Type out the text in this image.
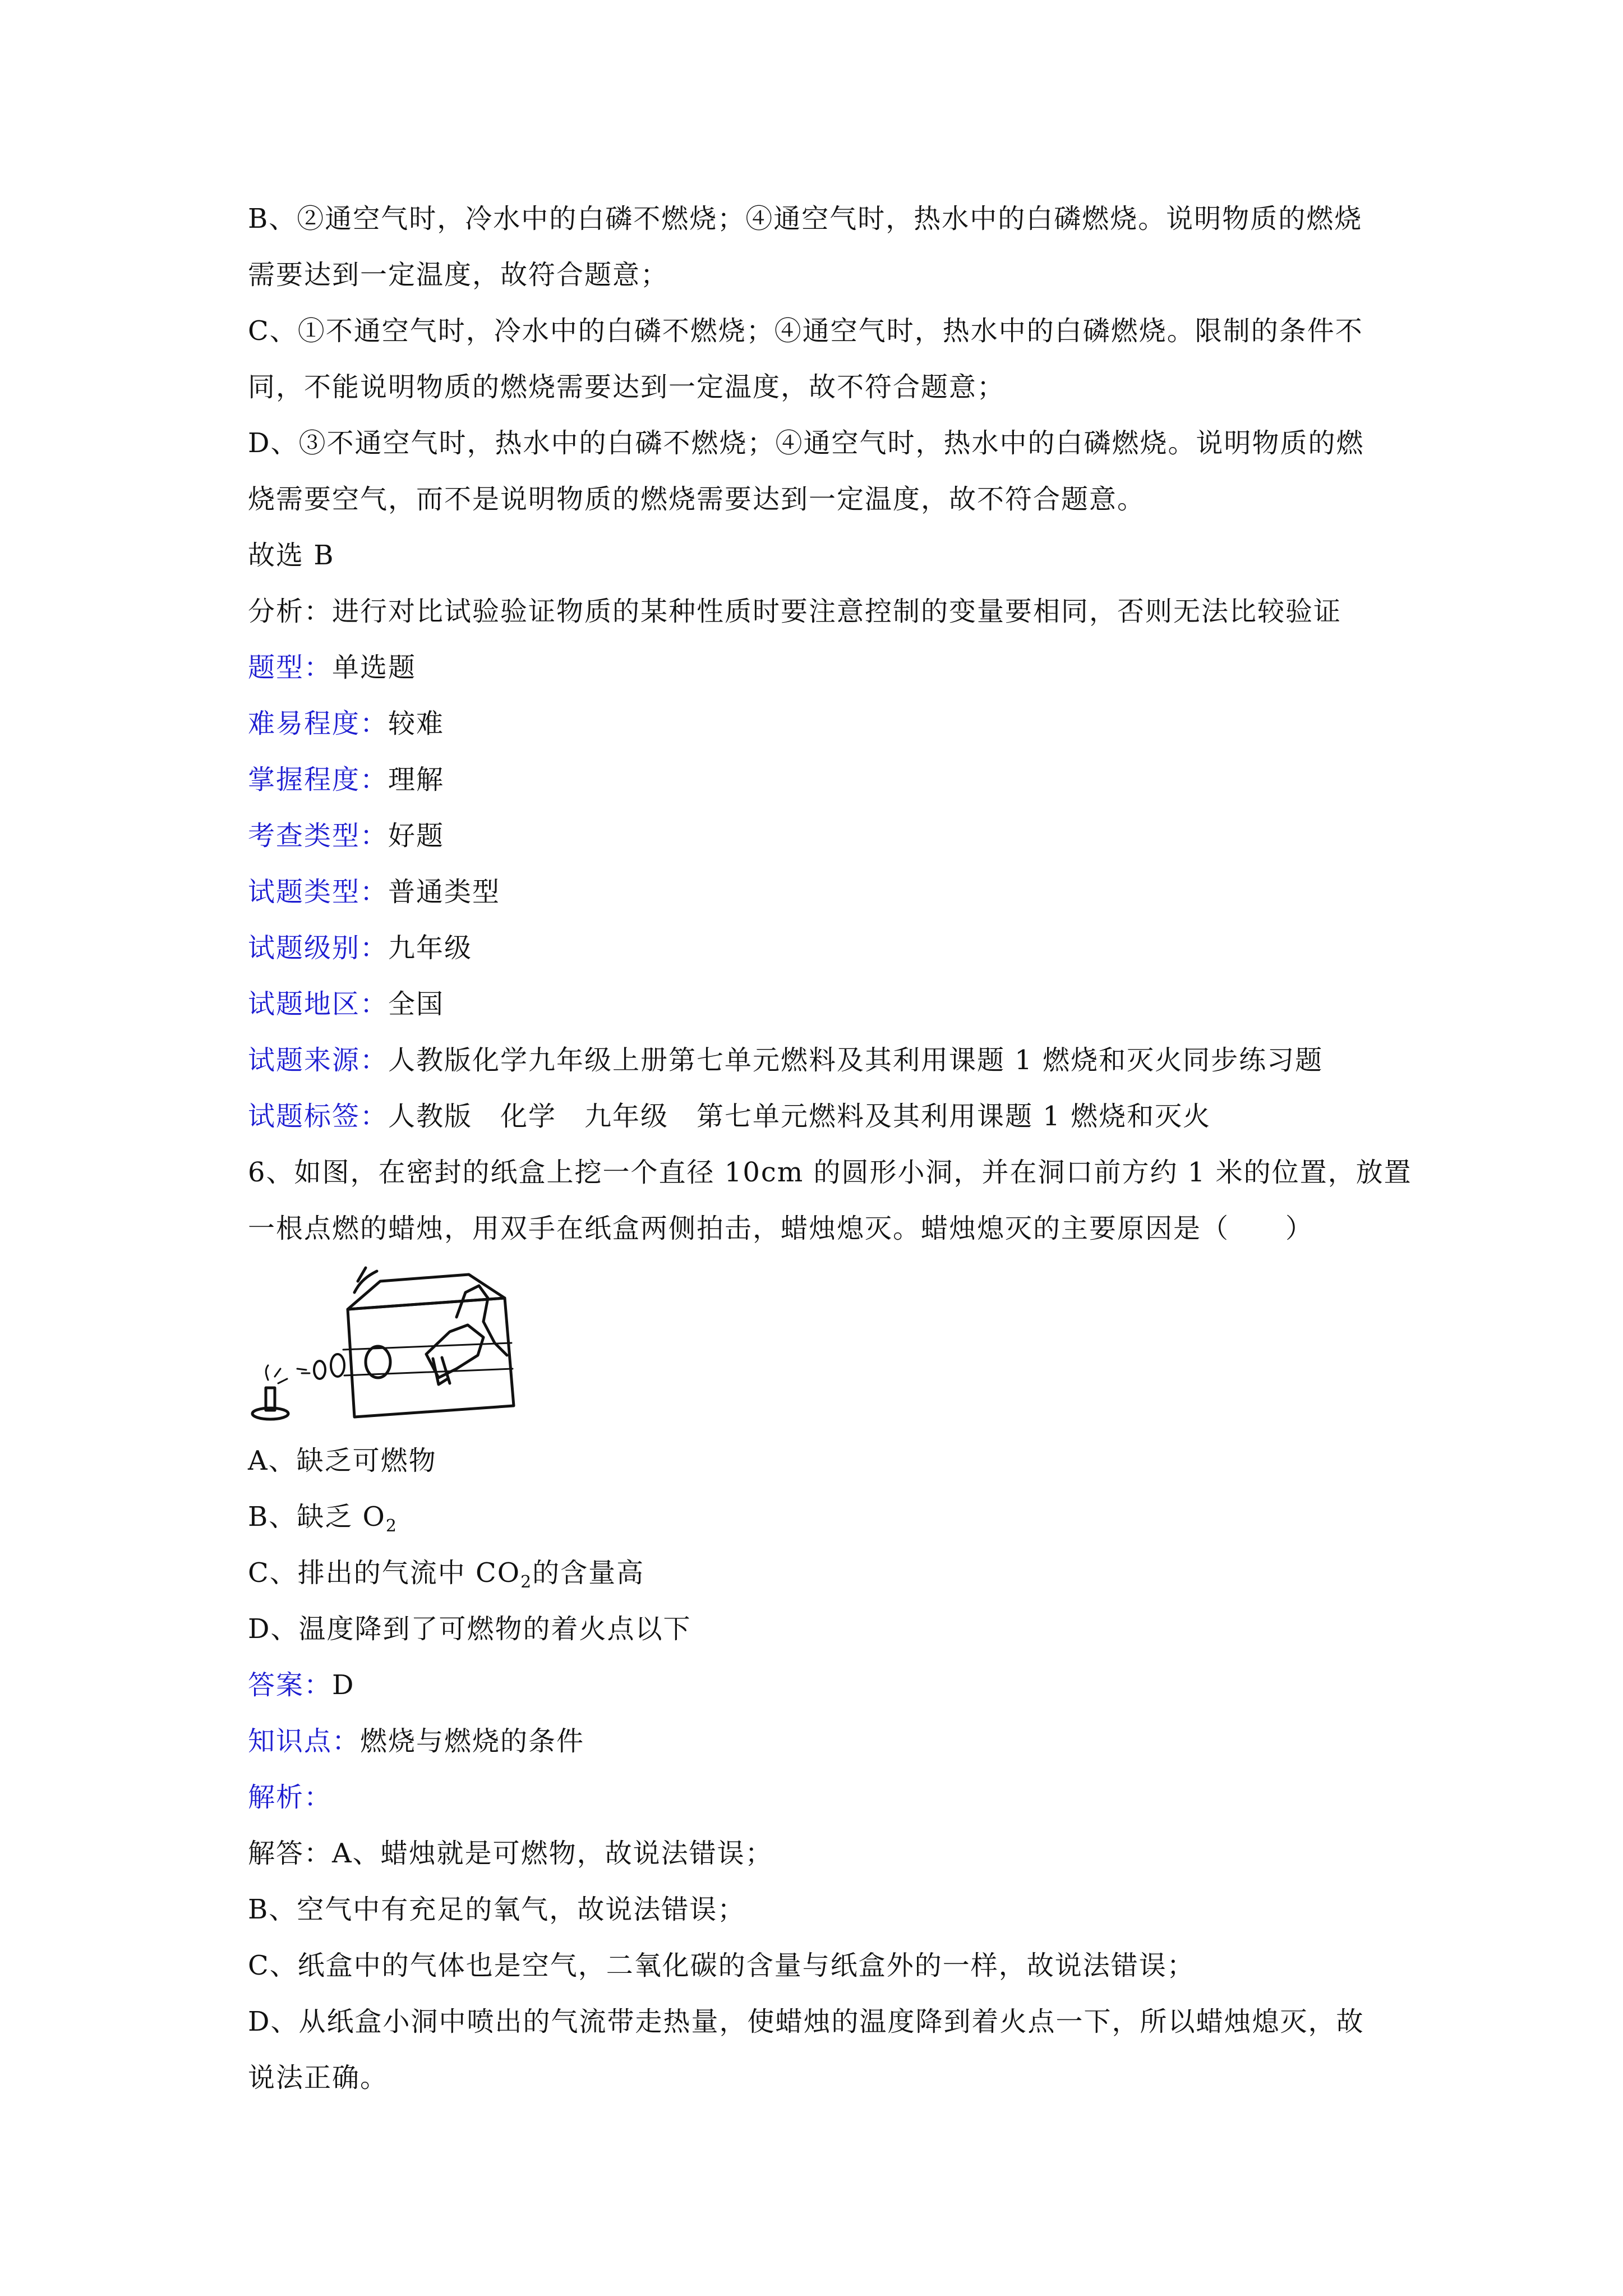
B、②通空气时，冷水中的白磷不燃烧；④通空气时，热水中的白磷燃烧。说明物质的燃烧
需要达到一定温度，故符合题意；
C、①不通空气时，冷水中的白磷不燃烧；④通空气时，热水中的白磷燃烧。限制的条件不
同，不能说明物质的燃烧需要达到一定温度，故不符合题意；
D、③不通空气时，热水中的白磷不燃烧；④通空气时，热水中的白磷燃烧。说明物质的燃
烧需要空气，而不是说明物质的燃烧需要达到一定温度，故不符合题意。
故选 B
分析：进行对比试验验证物质的某种性质时要注意控制的变量要相同，否则无法比较验证
题型：单选题
难易程度：较难
掌握程度：理解
考查类型：好题
试题类型：普通类型
试题级别：九年级
试题地区：全国
试题来源：人教版化学九年级上册第七单元燃料及其利用课题 1 燃烧和灭火同步练习题
试题标签：人教版　化学　九年级　第七单元燃料及其利用课题 1 燃烧和灭火
6、如图，在密封的纸盒上挖一个直径 10cm 的圆形小洞，并在洞口前方约 1 米的位置，放置
一根点燃的蜡烛，用双手在纸盒两侧拍击，蜡烛熄灭。蜡烛熄灭的主要原因是（　　）
A、缺乏可燃物
B、缺乏 $O_2$
C、排出的气流中 $CO_2$的含量高
D、温度降到了可燃物的着火点以下
答案：D
知识点：燃烧与燃烧的条件
解析：
解答：A、蜡烛就是可燃物，故说法错误；
B、空气中有充足的氧气，故说法错误；
C、纸盒中的气体也是空气，二氧化碳的含量与纸盒外的一样，故说法错误；
D、从纸盒小洞中喷出的气流带走热量，使蜡烛的温度降到着火点一下，所以蜡烛熄灭，故
说法正确。
